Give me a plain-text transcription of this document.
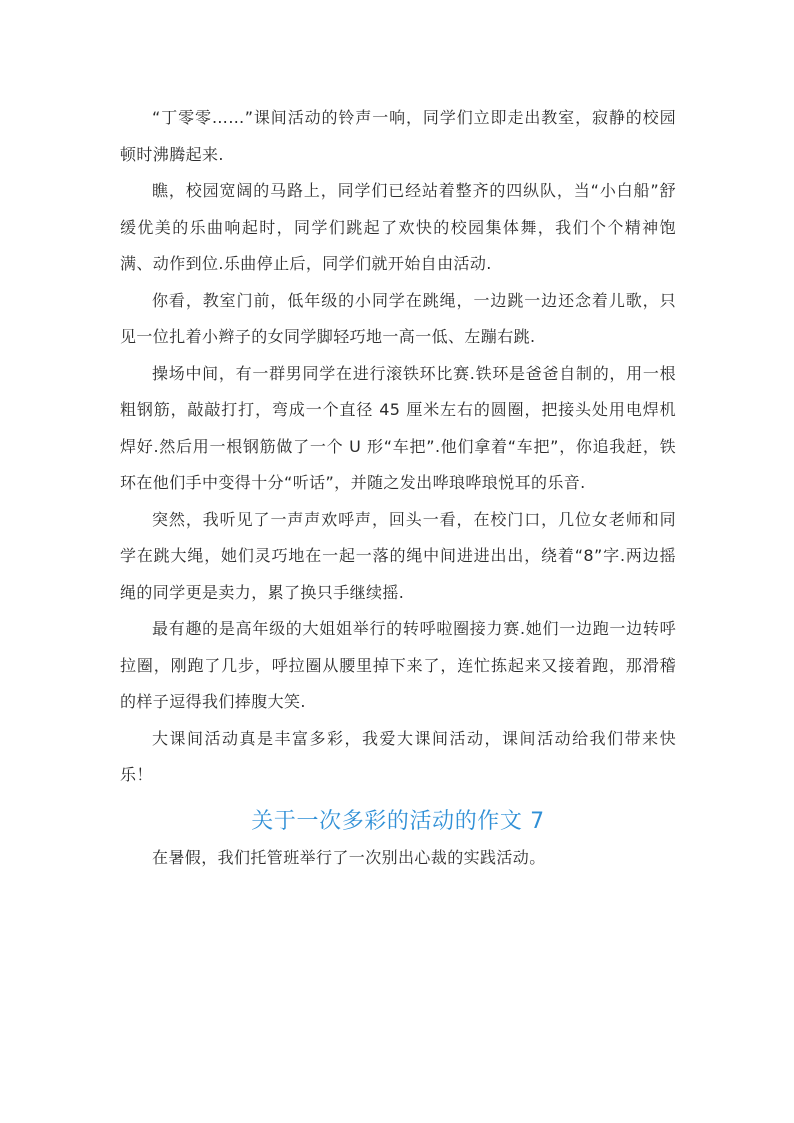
“丁零零……”课间活动的铃声一响，同学们立即走出教室，寂静的校园顿时沸腾起来.

瞧，校园宽阔的马路上，同学们已经站着整齐的四纵队，当“小白船”舒缓优美的乐曲响起时，同学们跳起了欢快的校园集体舞，我们个个精神饱满、动作到位.乐曲停止后，同学们就开始自由活动.

你看，教室门前，低年级的小同学在跳绳，一边跳一边还念着儿歌，只见一位扎着小辫子的女同学脚轻巧地一高一低、左蹦右跳.

操场中间，有一群男同学在进行滚铁环比赛.铁环是爸爸自制的，用一根粗钢筋，敲敲打打，弯成一个直径 45 厘米左右的圆圈，把接头处用电焊机焊好.然后用一根钢筋做了一个 U 形“车把”.他们拿着“车把”，你追我赶，铁环在他们手中变得十分“听话”，并随之发出哗琅哗琅悦耳的乐音.

突然，我听见了一声声欢呼声，回头一看，在校门口，几位女老师和同学在跳大绳，她们灵巧地在一起一落的绳中间进进出出，绕着“8”字.两边摇绳的同学更是卖力，累了换只手继续摇.

最有趣的是高年级的大姐姐举行的转呼啦圈接力赛.她们一边跑一边转呼拉圈，刚跑了几步，呼拉圈从腰里掉下来了，连忙拣起来又接着跑，那滑稽的样子逗得我们捧腹大笑.

大课间活动真是丰富多彩，我爱大课间活动，课间活动给我们带来快乐！

关于一次多彩的活动的作文 7

在暑假，我们托管班举行了一次别出心裁的实践活动。
